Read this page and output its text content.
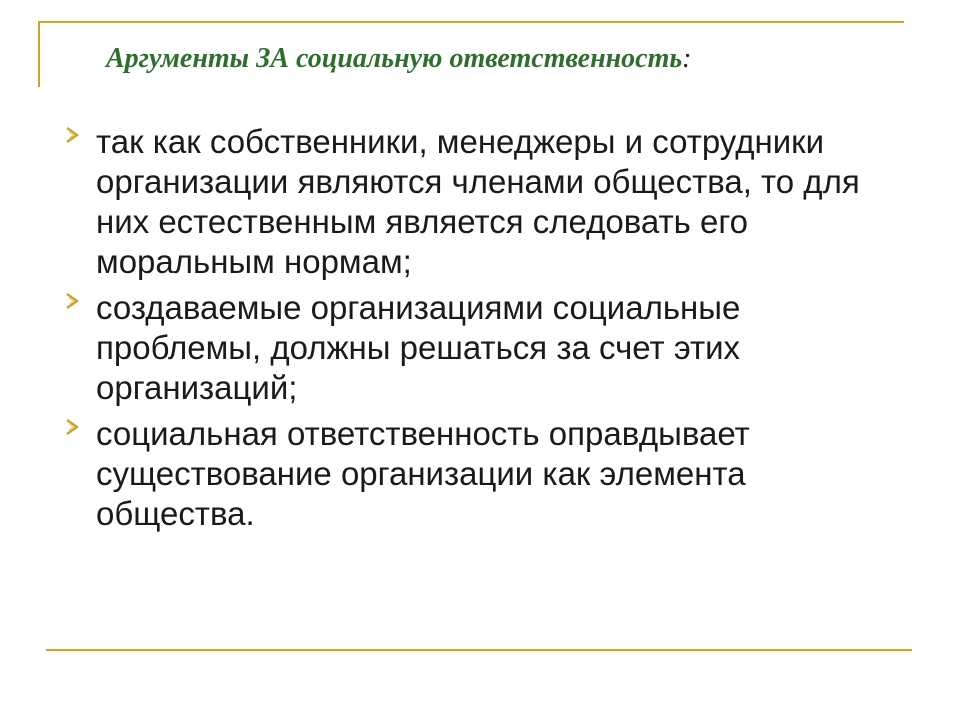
Аргументы ЗА социальную ответственность:
так как собственники, менеджеры и сотрудники организации являются членами общества, то для них естественным является следовать его моральным нормам;
создаваемые организациями социальные проблемы, должны решаться за счет этих организаций;
социальная ответственность оправдывает существование организации как элемента общества.
